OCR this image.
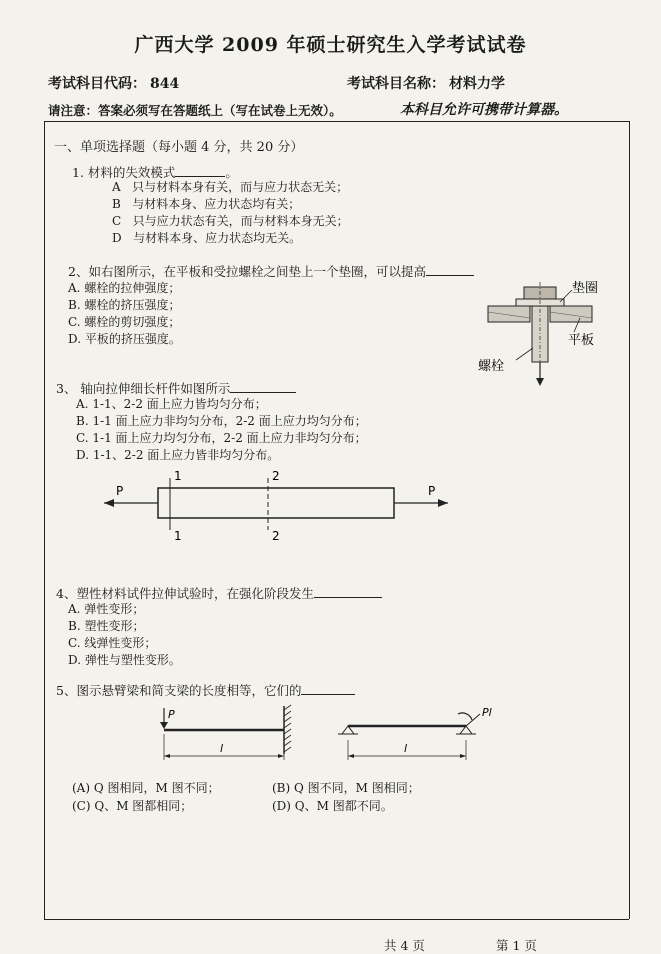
广西大学 2009 年硕士研究生入学考试试卷
考试科目代码： 844	考试科目名称： 材料力学
请注意：答案必须写在答题纸上（写在试卷上无效）。	本科目允许可携带计算器。
一、单项选择题（每小题 4 分，共 20 分）
1. 材料的失效模式	。
A 只与材料本身有关，而与应力状态无关；
B 与材料本身、应力状态均有关；
C 只与应力状态有关，而与材料本身无关；
D 与材料本身、应力状态均无关。
2、如右图所示，在平板和受拉螺栓之间垫上一个垫圈，可以提高
A. 螺栓的拉伸强度；
B. 螺栓的挤压强度；
C. 螺栓的剪切强度；
D. 平板的挤压强度。
垫圈
平板
螺栓
3、 轴向拉伸细长杆件如图所示
A. 1-1、2-2 面上应力皆均匀分布；
B. 1-1 面上应力非均匀分布，2-2 面上应力均匀分布；
C. 1-1 面上应力均匀分布，2-2 面上应力非均匀分布；
D. 1-1、2-2 面上应力皆非均匀分布。
P	P
1
1
2
2
4、塑性材料试件拉伸试验时，在强化阶段发生
A. 弹性变形；
B. 塑性变形；
C. 线弹性变形；
D. 弹性与塑性变形。
5、图示悬臂梁和简支梁的长度相等，它们的
P
l
Pl
l
(A) Q 图相同，M 图不同；	(B) Q 图不同，M 图相同；
(C) Q、M 图都相同；	(D) Q、M 图都不同。
共 4 页	第 1 页
